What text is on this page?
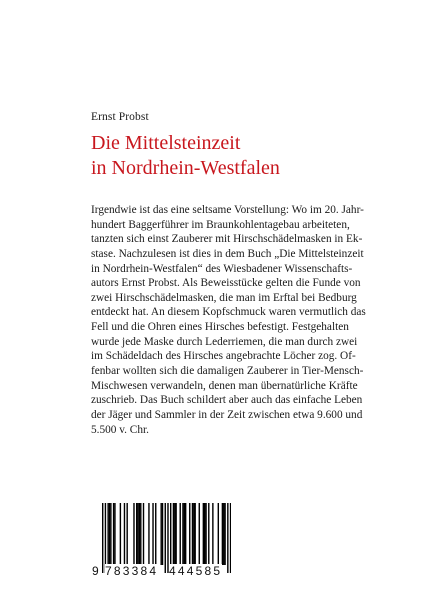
Ernst Probst
Die Mittelsteinzeit
in Nordrhein-Westfalen
Irgendwie ist das eine seltsame Vorstellung: Wo im 20. Jahr-
hundert Baggerführer im Braunkohlentagebau arbeiteten,
tanzten sich einst Zauberer mit Hirschschädelmasken in Ek-
stase. Nachzulesen ist dies in dem Buch „Die Mittelsteinzeit
in Nordrhein-Westfalen“ des Wiesbadener Wissenschafts-
autors Ernst Probst. Als Beweisstücke gelten die Funde von
zwei Hirschschädelmasken, die man im Erftal bei Bedburg
entdeckt hat. An diesem Kopfschmuck waren vermutlich das
Fell und die Ohren eines Hirsches befestigt. Festgehalten
wurde jede Maske durch Lederriemen, die man durch zwei
im Schädeldach des Hirsches angebrachte Löcher zog. Of-
fenbar wollten sich die damaligen Zauberer in Tier-Mensch-
Mischwesen verwandeln, denen man übernatürliche Kräfte
zuschrieb. Das Buch schildert aber auch das einfache Leben
der Jäger und Sammler in der Zeit zwischen etwa 9.600 und
5.500 v. Chr.
9 783384 444585
